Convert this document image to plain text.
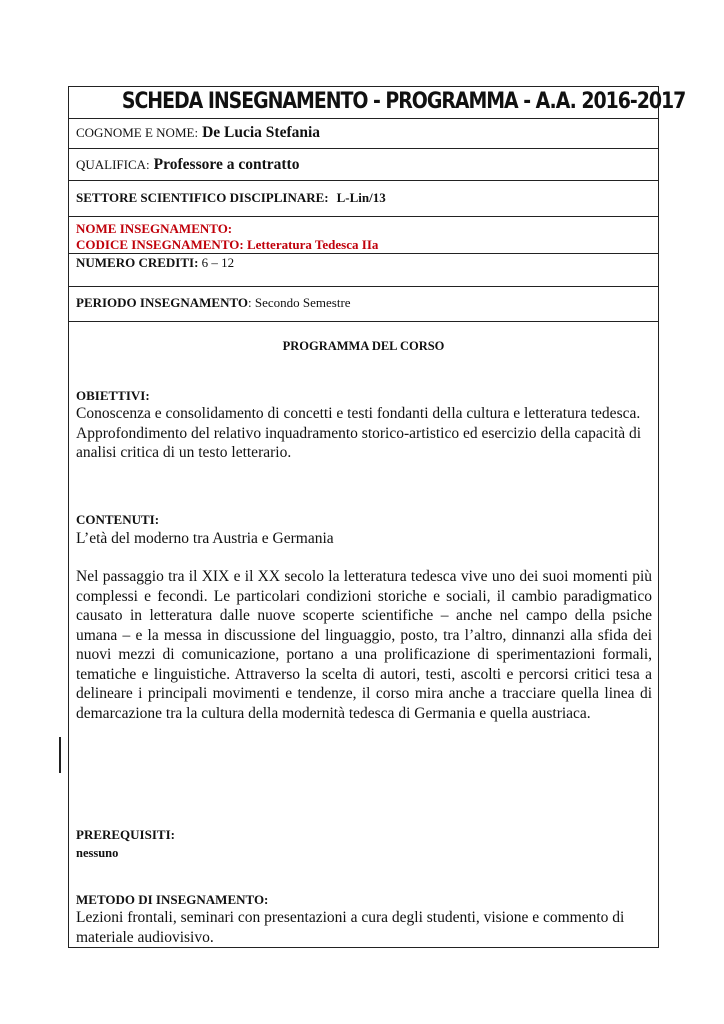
SCHEDA INSEGNAMENTO - PROGRAMMA - A.A. 2016-2017
COGNOME E NOME: De Lucia Stefania
QUALIFICA: Professore a contratto
SETTORE SCIENTIFICO DISCIPLINARE: L-Lin/13
NOME INSEGNAMENTO:
CODICE INSEGNAMENTO: Letteratura Tedesca IIa
NUMERO CREDITI: 6 – 12
PERIODO INSEGNAMENTO: Secondo Semestre
PROGRAMMA DEL CORSO
OBIETTIVI:
Conoscenza e consolidamento di concetti e testi fondanti della cultura e letteratura tedesca. Approfondimento del relativo inquadramento storico-artistico ed esercizio della capacità di analisi critica di un testo letterario.
CONTENUTI:
L’età del moderno tra Austria e Germania
Nel passaggio tra il XIX e il XX secolo la letteratura tedesca vive uno dei suoi momenti più complessi e fecondi. Le particolari condizioni storiche e sociali, il cambio paradigmatico causato in letteratura dalle nuove scoperte scientifiche – anche nel campo della psiche umana – e la messa in discussione del linguaggio, posto, tra l’altro, dinnanzi alla sfida dei nuovi mezzi di comunicazione, portano a una prolificazione di sperimentazioni formali, tematiche e linguistiche. Attraverso la scelta di autori, testi, ascolti e percorsi critici tesa a delineare i principali movimenti e tendenze, il corso mira anche a tracciare quella linea di demarcazione tra la cultura della modernità tedesca di Germania e quella austriaca.
PREREQUISITI:
nessuno
METODO DI INSEGNAMENTO:
Lezioni frontali, seminari con presentazioni a cura degli studenti, visione e commento di materiale audiovisivo.
